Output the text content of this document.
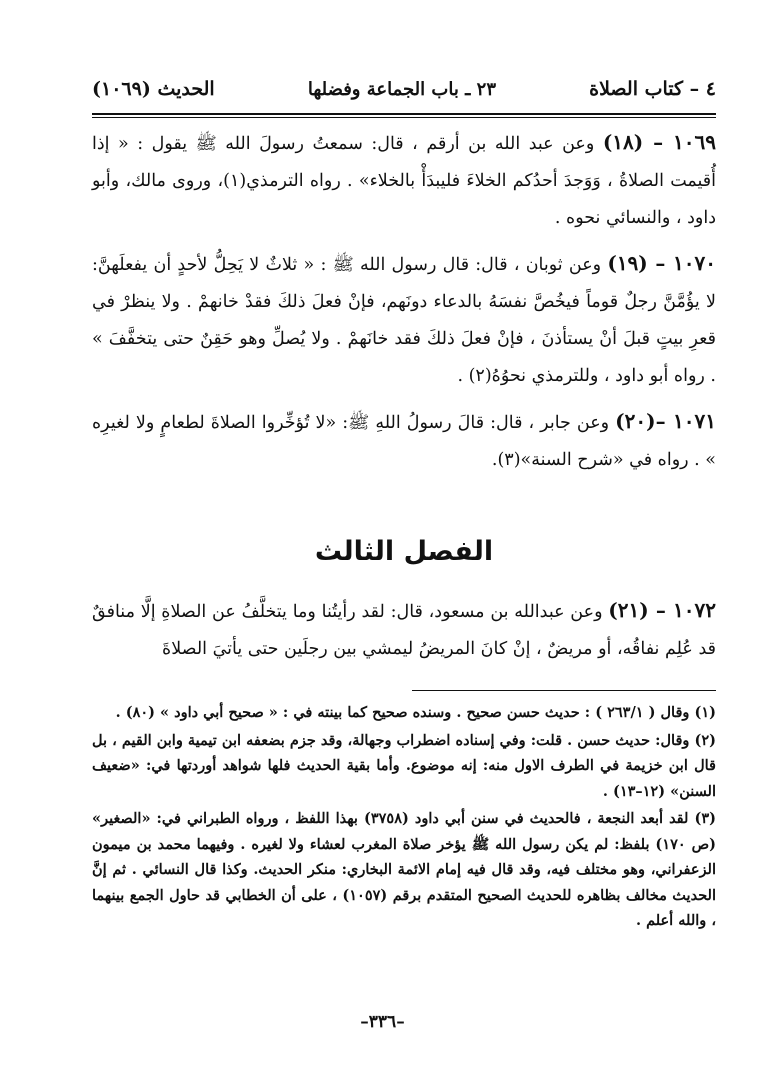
٤ – كتاب الصلاة
٢٣ ـ باب الجماعة وفضلها
الحديث (١٠٦٩)

١٠٦٩ – (١٨) وعن عبد الله بن أرقم ، قال: سمعتُ رسولَ الله ﷺ يقول : « إذا أُقيمت الصلاةُ ، وَوَجدَ أحدُكم الخلاءَ فليبدَأْ بالخلاء» . رواه الترمذي(١)، وروى مالك، وأبو داود ، والنسائي نحوه .

١٠٧٠ – (١٩) وعن ثوبان ، قال: قال رسول الله ﷺ : « ثلاثٌ لا يَحِلُّ لأحدٍ أن يفعلَهنَّ: لا يؤُمَّنَّ رجلٌ قوماً فيخُصَّ نفسَهُ بالدعاء دونَهم، فإنْ فعلَ ذلكَ فقدْ خانهمْ . ولا ينظرْ في قعرِ بيتٍ قبلَ أنْ يستأذنَ ، فإنْ فعلَ ذلكَ فقد خانَهمْ . ولا يُصلِّ وهو حَقِنٌ حتى يتخفَّفَ » . رواه أبو داود ، وللترمذي نحوُهُ(٢) .

١٠٧١ –(٢٠) وعن جابر ، قال: قالَ رسولُ اللهِ ﷺ: «لا تُؤخِّروا الصلاةَ لطعامٍ ولا لغيرِه » . رواه في «شرح السنة»(٣).

الفصل الثالث

١٠٧٢ – (٢١) وعن عبدالله بن مسعود، قال: لقد رأيتُنا وما يتخلَّفُ عن الصلاةِ إلَّا منافقٌ قد عُلِم نفاقُه، أو مريضٌ ، إنْ كانَ المريضُ ليمشي بين رجلَين حتى يأتيَ الصلاةَ

(١) وقال ( ٢٦٣/١ ) : حديث حسن صحيح . وسنده صحيح كما بينته في : « صحيح أبي داود » (٨٠) .

(٢) وقال: حديث حسن . قلت: وفي إسناده اضطراب وجهالة، وقد جزم بضعفه ابن تيمية وابن القيم ، بل قال ابن خزيمة في الطرف الاول منه: إنه موضوع. وأما بقية الحديث فلها شواهد أوردتها في: «ضعيف السنن» (١٢–١٣) .

(٣) لقد أبعد النجعة ، فالحديث في سنن أبي داود (٣٧٥٨) بهذا اللفظ ، ورواه الطبراني في: «الصغير» (ص ١٧٠) بلفظ: لم يكن رسول الله ﷺ يؤخر صلاة المغرب لعشاء ولا لغيره . وفيهما محمد بن ميمون الزعفراني، وهو مختلف فيه، وقد قال فيه إمام الائمة البخاري: منكر الحديث. وكذا قال النسائي . ثم إنَّ الحديث مخالف بظاهره للحديث الصحيح المتقدم برقم (١٠٥٧) ، على أن الخطابي قد حاول الجمع بينهما ، والله أعلم .

–٣٣٦–
